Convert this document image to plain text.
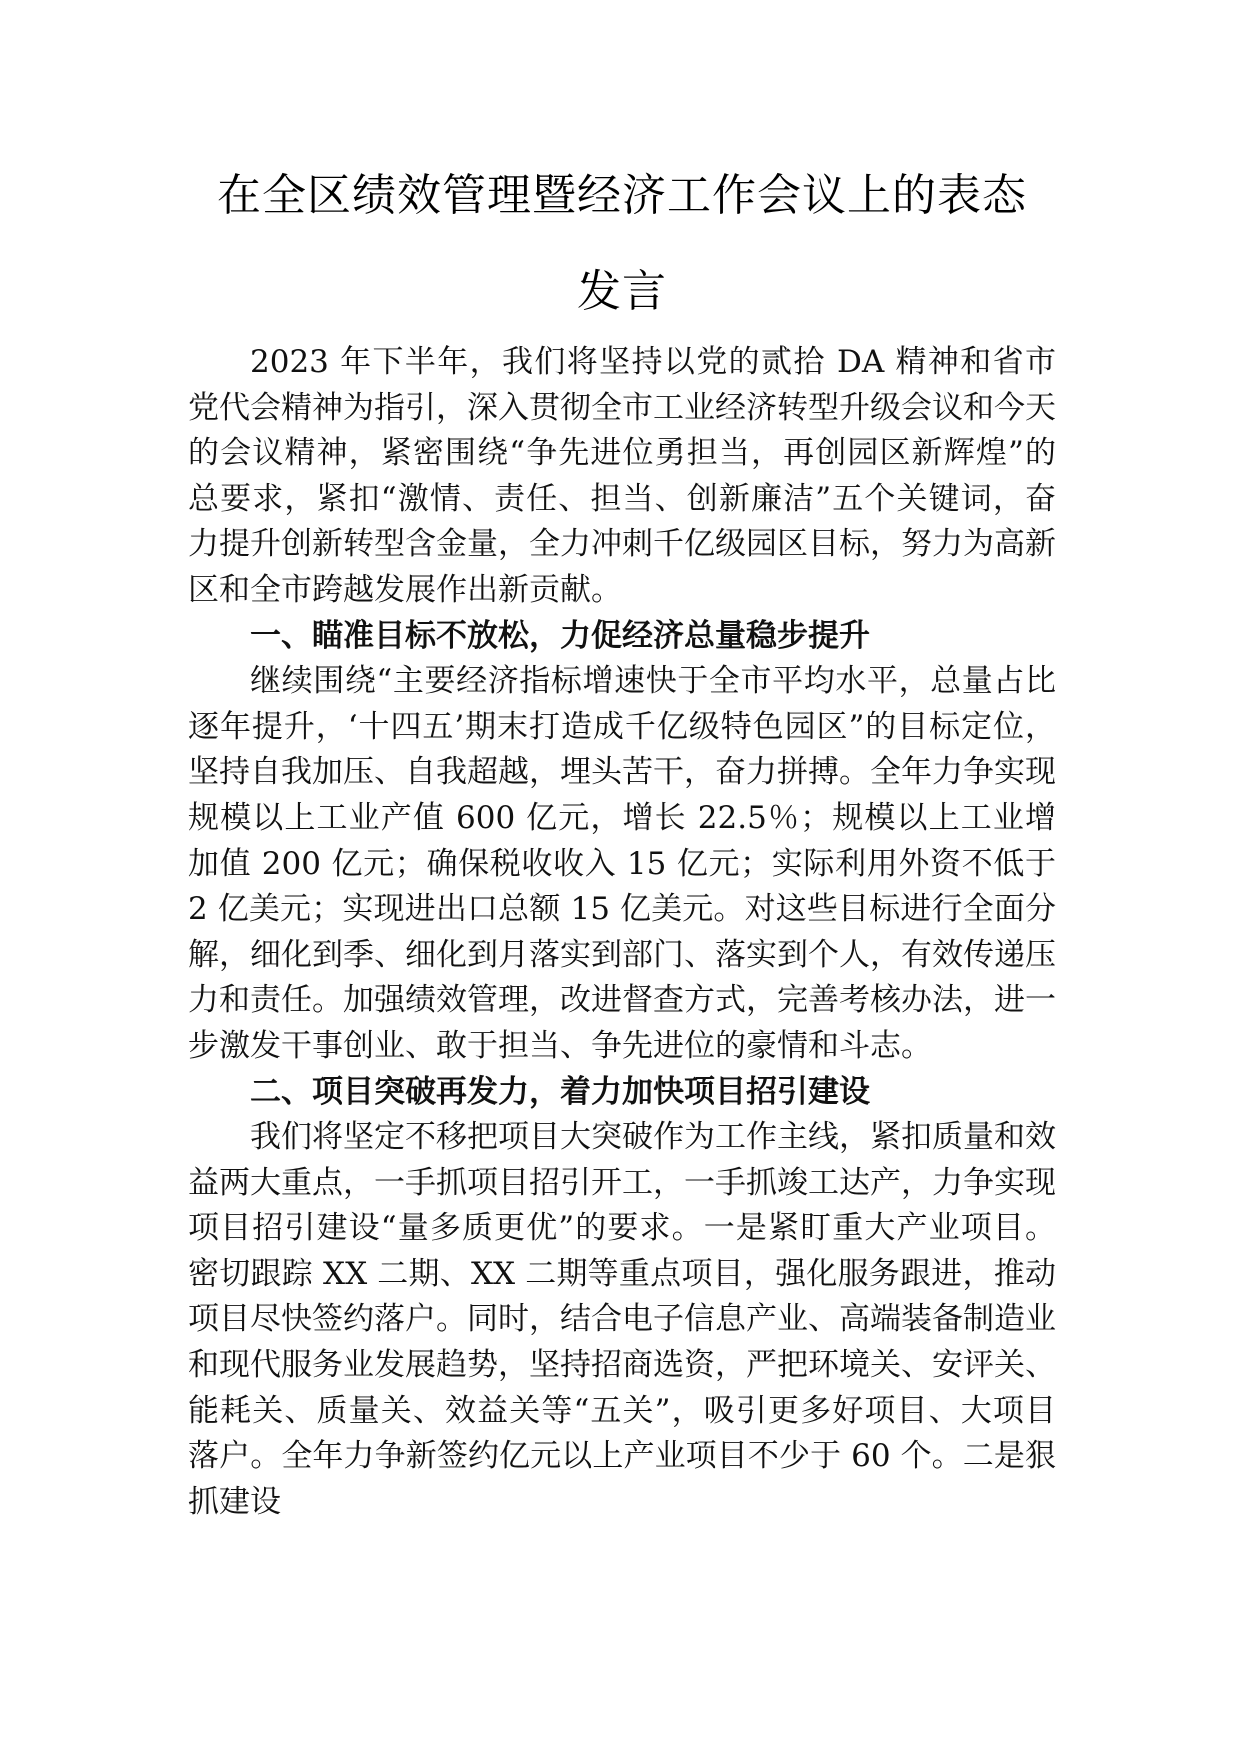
在全区绩效管理暨经济工作会议上的表态
发言

2023 年下半年，我们将坚持以党的贰拾 DA 精神和省市党代会精神为指引，深入贯彻全市工业经济转型升级会议和今天的会议精神，紧密围绕“争先进位勇担当，再创园区新辉煌”的总要求，紧扣“激情、责任、担当、创新廉洁”五个关键词，奋力提升创新转型含金量，全力冲刺千亿级园区目标，努力为高新区和全市跨越发展作出新贡献。

一、瞄准目标不放松，力促经济总量稳步提升

继续围绕“主要经济指标增速快于全市平均水平，总量占比逐年提升，‘十四五’期末打造成千亿级特色园区”的目标定位，坚持自我加压、自我超越，埋头苦干，奋力拼搏。全年力争实现规模以上工业产值 600 亿元，增长 22.5％；规模以上工业增加值 200 亿元；确保税收收入 15 亿元；实际利用外资不低于 2 亿美元；实现进出口总额 15 亿美元。对这些目标进行全面分解，细化到季、细化到月落实到部门、落实到个人，有效传递压力和责任。加强绩效管理，改进督查方式，完善考核办法，进一步激发干事创业、敢于担当、争先进位的豪情和斗志。

二、项目突破再发力，着力加快项目招引建设

我们将坚定不移把项目大突破作为工作主线，紧扣质量和效益两大重点，一手抓项目招引开工，一手抓竣工达产，力争实现项目招引建设“量多质更优”的要求。一是紧盯重大产业项目。密切跟踪 XX 二期、XX 二期等重点项目，强化服务跟进，推动项目尽快签约落户。同时，结合电子信息产业、高端装备制造业和现代服务业发展趋势，坚持招商选资，严把环境关、安评关、能耗关、质量关、效益关等“五关”，吸引更多好项目、大项目落户。全年力争新签约亿元以上产业项目不少于 60 个。二是狠抓建设
